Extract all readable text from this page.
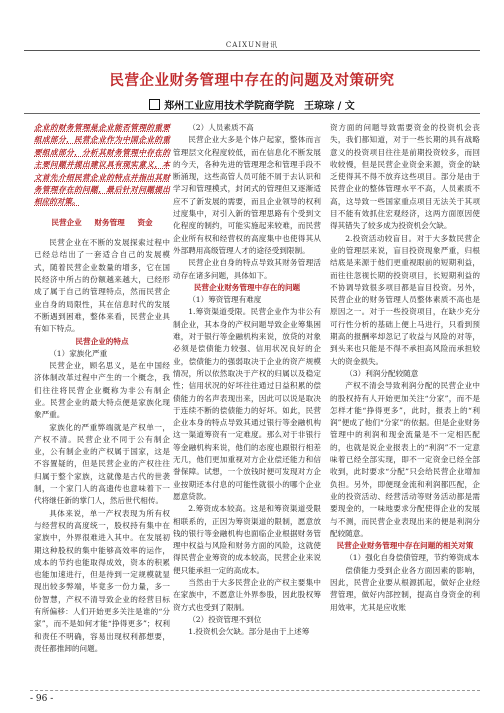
CAIXUN财讯
民营企业财务管理中存在的问题及对策研究
郑州工业应用技术学院商学院　王琼琮 / 文

企业的财务管理是企业能否管理的重要组成部分，民营企业作为中国企业的重要组成部分，分析其财务管理中存在的主要问题并提出建议具有现实意义，本文首先介绍民营企业的特点并指出其财务管理存在的问题，最后针对问题提出相应的对策。

民营企业 财务管理 资金

民营企业在不断的发展探索过程中已经总结出了一套适合自己的发展模式，随着民营企业数量的增多，它在国民经济中所占的份额越来越大，已经形成了属于自己的管理特点，然而民营企业自身的局限性，其在信息时代的发展不断遇到困难，整体来看，民营企业具有如下特点。

民营企业的特点

（1）家族化严重

民营企业，顾名思义，是在中国经济体制改革过程中产生的一个概念，我们往往将民营企业概称为非公有制企业。民营企业的最大特点便是家族化现象严重。

家族化的严重弊端就是产权单一，产权不清。民营企业不同于公有制企业，公有制企业的产权属于国家，这是不容置疑的，但是民营企业的产权往往归属于整个家族，这就像是古代的世袭制，一个家门人的高遗传也意味着下一代将继任新的掌门人，然后世代相传。

具体来说，单一产权表现为所有权与经营权的高度统一，股权持有集中在家族中，外界很难进入其中。在发展初期这种股权的集中能够高效率的运作，成本的节约也能取得成效，资本的积累也能加速进行，但是待到一定规模就显现出较多弊端，毕竟多一份力量，多一份智慧，产权不清导致企业的经营目标有所偏移：人们开始更多关注是谁的“分家”，而不是如何才能“挣得更多”；权利和责任不明确，容易出现权利都想要，责任都推卸的问题。

（2）人员素质不高

民营企业大多是个体户起家，整体而言管理层文化程度较低，而在信息化不断发展的今天，各种先进的管理理念和管理手段不断涌现，这些高管人员可能不屑于去认识和学习和管理模式，封闭式的管理但又逐渐适应不了新发展的需要，而且企业领导的权利过度集中，对引入新的管理思路有个受到文化程度的制约，可能实施起来较难，而民营企业所有权和经营权的高度集中也使得其从外部聘用高级管理人才的途径受到限制。

民营企业自身的特点导致其财务管理活动存在诸多问题，具体如下。

民营企业财务管理中存在的问题

（1）筹资管理有难度

1.筹资渠道受限。民营企业作为非公有制企业，其本身的产权问题导致企业筹集困难，对于银行等金融机构来说，放贷的对象必须是偿债能力较强、信用状况良好的企业，偿债能力的强弱取决于企业的资产规模情况，所以依然取决于产权的归属以及稳定性；信用状况的好坏往往通过日益积累的偿债能力的名声表现出来，因此可以说是取决于连续不断的偿债能力的好坏。如此，民营企业本身的特点导致其通过银行等金融机构这一渠道筹资有一定难度。那么对于非银行等金融机构来说，他们的态度也跟银行相差无几，他们更加重视对方企业偿还能力和信誉保障。试想，一个放钱时便可发现对方企业按期还本付息的可能性就很小的哪个企业愿意贷款。

2.筹资成本较高。这是和筹资渠道受限相联系的，正因为筹资渠道的限制，愿意放钱的银行等金融机构也面临企业根据财务管理中权益与风险和财务方面的风险，这就使得民营企业筹资的成本较高，民营企业来说便只能承担一定的高成本。

当然由于大多民营企业的产权主要集中在家族中，不愿意让外界参股，因此股权筹资方式也受到了限制。

（2）投资管理不到位

1.投资机会欠缺。部分是由于上述筹

资方面的问题导致需要资金的投资机会丧失，我们都知道，对于一些长期的具有战略意义的投资项目往往是前期投资较多，而回收较慢，但是民营企业资金来源，资金的缺乏使得其不得不放弃这些项目。部分是由于民营企业的整体管理水平不高，人员素质不高，这导致一些国家重点项目无法关于其项目不能有效抓住宏观经济，这两方面原因使得其错失了较多成为投资机会欠缺。

2.投资活动较盲目。对于大多数民营企业的管理层来说，盲目投资现象严重，归根结底是来源于他们更重视眼前的短期利益，而往往忽视长期的投资项目，长短期利益的不协调导致很多项目都是盲目投资。另外，民营企业的财务管理人员整体素质不高也是原因之一。对于一些投资项目，在缺少充分可行性分析的基础上便上马进行，只看到预期高的报酬率却忽记了收益与风险的对等，到头来也只能是不得不承担高风险而承担较大的资金损失。

（3）利润分配较随意

产权不清会导致利润分配的民营企业中的股权持有人开始更加关注“分家”，而不是怎样才能“挣得更多”，此时，报表上的“利润”便成了他们“分家”的依据。但是企业财务管理中的利润和现金流量是不一定相匹配的，也就是说企业报表上的“利润”不一定意味着已经全部实现，即不一定资金已经全部收到，此时要求“分配”只会给民营企业增加负担。另外，即便现金流和利润都匹配，企业的投资活动、经营活动等财务活动都是需要现金的，一味地要求分配使得企业的发展与不测，而民营企业表现出来的便是利润分配较随意。

民营企业财务管理中存在问题的相关对策

（1）强化自身偿债管理，节约筹资成本

偿债能力受到企业各方面因素的影响，因此，民营企业要从根源抓起，做好企业经营管理，做好内部控制，提高自身资金的利用效率，尤其是应收账

- 96 -
